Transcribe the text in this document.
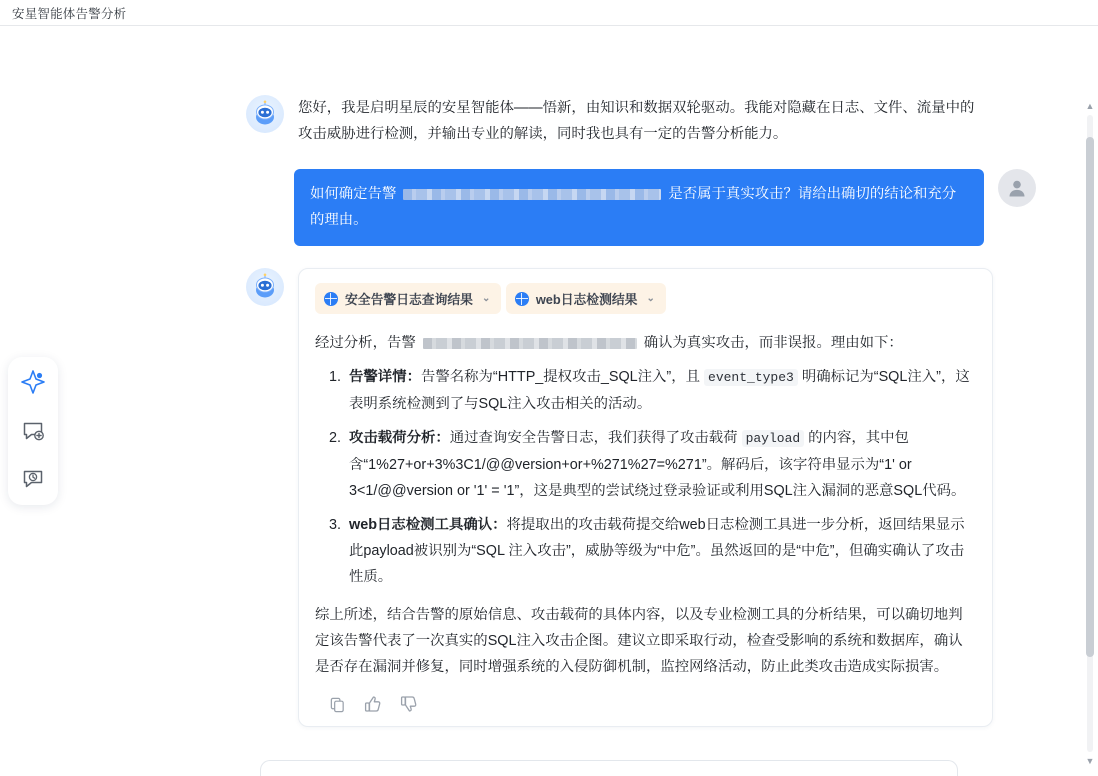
安星智能体告警分析
您好，我是启明星辰的安星智能体——悟新，由知识和数据双轮驱动。我能对隐藏在日志、文件、流量中的攻击威胁进行检测，并输出专业的解读，同时我也具有一定的告警分析能力。
如何确定告警	是否属于真实攻击？请给出确切的结论和充分的理由。
安全告警日志查询结果 ⌄
	web日志检测结果 ⌄
经过分析，告警	确认为真实攻击，而非误报。理由如下：
1. 告警详情：告警名称为“HTTP_提权攻击_SQL注入”，且 event_type3 明确标记为“SQL注入”，这表明系统检测到了与SQL注入攻击相关的活动。
2. 攻击载荷分析：通过查询安全告警日志，我们获得了攻击载荷 payload 的内容，其中包含“1%27+or+3%3C1/@@version+or+%271%27=%271”。解码后，该字符串显示为“1' or 3<1/@@version or '1' = '1”，这是典型的尝试绕过登录验证或利用SQL注入漏洞的恶意SQL代码。
3. web日志检测工具确认：将提取出的攻击载荷提交给web日志检测工具进一步分析，返回结果显示此payload被识别为“SQL 注入攻击”，威胁等级为“中危”。虽然返回的是“中危”，但确实确认了攻击性质。
综上所述，结合告警的原始信息、攻击载荷的具体内容，以及专业检测工具的分析结果，可以确切地判定该告警代表了一次真实的SQL注入攻击企图。建议立即采取行动，检查受影响的系统和数据库，确认是否存在漏洞并修复，同时增强系统的入侵防御机制，监控网络活动，防止此类攻击造成实际损害。
▲
▼
